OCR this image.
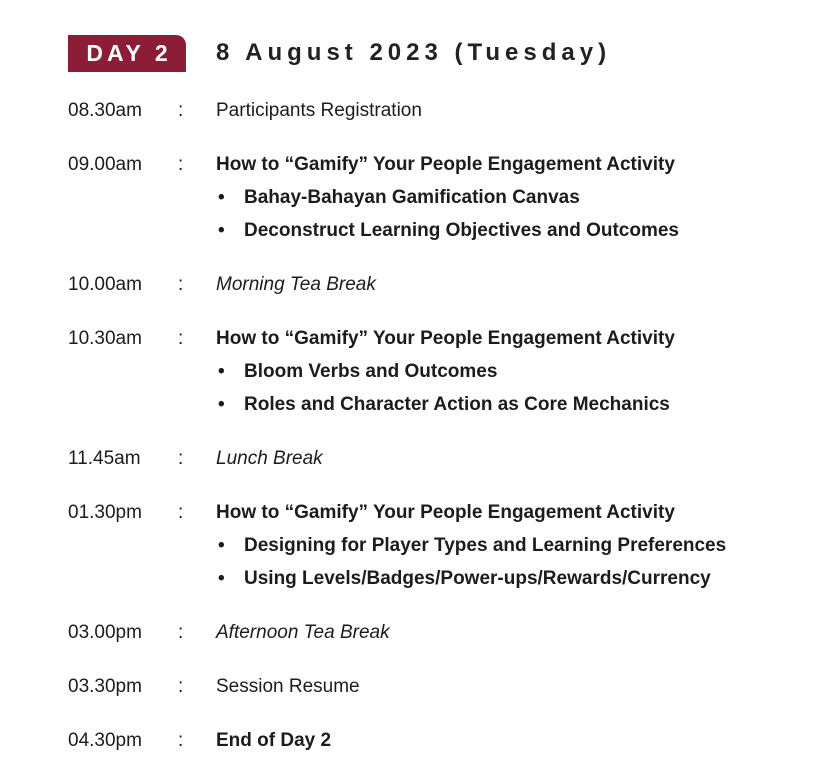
DAY 2	8 August 2023 (Tuesday)
08.30am	:	Participants Registration
09.00am	:	How to “Gamify” Your People Engagement Activity
• Bahay-Bahayan Gamification Canvas
• Deconstruct Learning Objectives and Outcomes
10.00am	:	Morning Tea Break
10.30am	:	How to “Gamify” Your People Engagement Activity
• Bloom Verbs and Outcomes
• Roles and Character Action as Core Mechanics
11.45am	:	Lunch Break
01.30pm	:	How to “Gamify” Your People Engagement Activity
• Designing for Player Types and Learning Preferences
• Using Levels/Badges/Power-ups/Rewards/Currency
03.00pm	:	Afternoon Tea Break
03.30pm	:	Session Resume
04.30pm	:	End of Day 2
